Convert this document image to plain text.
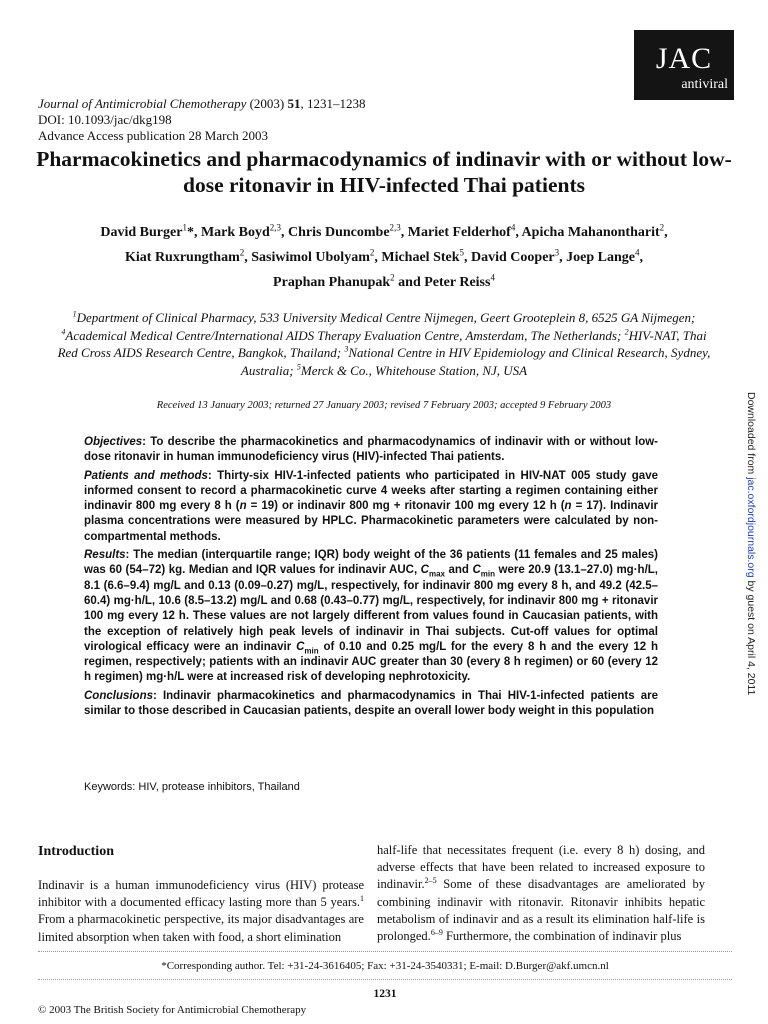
JAC
antiviral
Journal of Antimicrobial Chemotherapy (2003) 51, 1231–1238
DOI: 10.1093/jac/dkg198
Advance Access publication 28 March 2003
Pharmacokinetics and pharmacodynamics of indinavir with or without low-dose ritonavir in HIV-infected Thai patients
David Burger$^1$*, Mark Boyd$^{2,3}$, Chris Duncombe$^{2,3}$, Mariet Felderhof$^4$, Apicha Mahanontharit$^2$,
Kiat Ruxrungtham$^2$, Sasiwimol Ubolyam$^2$, Michael Stek$^5$, David Cooper$^3$, Joep Lange$^4$,
Praphan Phanupak$^2$ and Peter Reiss$^4$
$^1$Department of Clinical Pharmacy, 533 University Medical Centre Nijmegen, Geert Grooteplein 8, 6525 GA Nijmegen; $^4$Academical Medical Centre/International AIDS Therapy Evaluation Centre, Amsterdam, The Netherlands; $^2$HIV-NAT, Thai Red Cross AIDS Research Centre, Bangkok, Thailand; $^3$National Centre in HIV Epidemiology and Clinical Research, Sydney, Australia; $^5$Merck & Co., Whitehouse Station, NJ, USA
Received 13 January 2003; returned 27 January 2003; revised 7 February 2003; accepted 9 February 2003

Objectives: To describe the pharmacokinetics and pharmacodynamics of indinavir with or without low-dose ritonavir in human immunodeficiency virus (HIV)-infected Thai patients.

Patients and methods: Thirty-six HIV-1-infected patients who participated in HIV-NAT 005 study gave informed consent to record a pharmacokinetic curve 4 weeks after starting a regimen containing either indinavir 800 mg every 8 h (n = 19) or indinavir 800 mg + ritonavir 100 mg every 12 h (n = 17). Indinavir plasma concentrations were measured by HPLC. Pharmacokinetic parameters were calculated by non-compartmental methods.

Results: The median (interquartile range; IQR) body weight of the 36 patients (11 females and 25 males) was 60 (54–72) kg. Median and IQR values for indinavir AUC, $C_{max}$ and $C_{min}$ were 20.9 (13.1–27.0) mg·h/L, 8.1 (6.6–9.4) mg/L and 0.13 (0.09–0.27) mg/L, respectively, for indinavir 800 mg every 8 h, and 49.2 (42.5–60.4) mg·h/L, 10.6 (8.5–13.2) mg/L and 0.68 (0.43–0.77) mg/L, respectively, for indinavir 800 mg + ritonavir 100 mg every 12 h. These values are not largely different from values found in Caucasian patients, with the exception of relatively high peak levels of indinavir in Thai subjects. Cut-off values for optimal virological efficacy were an indinavir $C_{min}$ of 0.10 and 0.25 mg/L for the every 8 h and the every 12 h regimen, respectively; patients with an indinavir AUC greater than 30 (every 8 h regimen) or 60 (every 12 h regimen) mg·h/L were at increased risk of developing nephrotoxicity.

Conclusions: Indinavir pharmacokinetics and pharmacodynamics in Thai HIV-1-infected patients are similar to those described in Caucasian patients, despite an overall lower body weight in this population

Keywords: HIV, protease inhibitors, Thailand
Introduction

Indinavir is a human immunodeficiency virus (HIV) protease inhibitor with a documented efficacy lasting more than 5 years.$^1$ From a pharmacokinetic perspective, its major disadvantages are limited absorption when taken with food, a short elimination

half-life that necessitates frequent (i.e. every 8 h) dosing, and adverse effects that have been related to increased exposure to indinavir.$^{2-5}$ Some of these disadvantages are ameliorated by combining indinavir with ritonavir. Ritonavir inhibits hepatic metabolism of indinavir and as a result its elimination half-life is prolonged.$^{6-9}$ Furthermore, the combination of indinavir plus

*Corresponding author. Tel: +31-24-3616405; Fax: +31-24-3540331; E-mail: D.Burger@akf.umcn.nl
1231
© 2003 The British Society for Antimicrobial Chemotherapy
Downloaded from jac.oxfordjournals.org by guest on April 4, 2011
